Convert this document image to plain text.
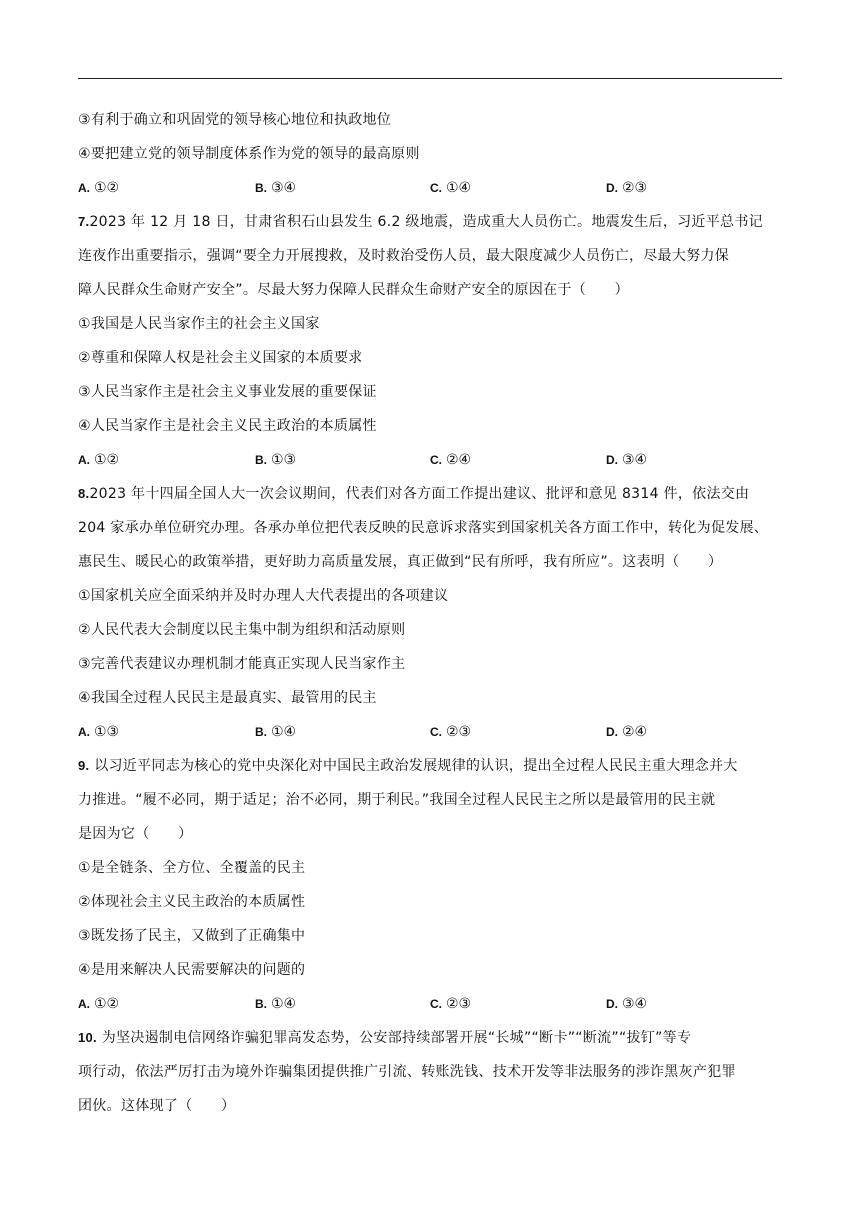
③有利于确立和巩固党的领导核心地位和执政地位
④要把建立党的领导制度体系作为党的领导的最高原则
A. ①②	B. ③④	C. ①④	D. ②③
7.2023 年 12 月 18 日，甘肃省积石山县发生 6.2 级地震，造成重大人员伤亡。地震发生后，习近平总书记
连夜作出重要指示，强调“要全力开展搜救，及时救治受伤人员，最大限度减少人员伤亡，尽最大努力保
障人民群众生命财产安全”。尽最大努力保障人民群众生命财产安全的原因在于（　　）
①我国是人民当家作主的社会主义国家
②尊重和保障人权是社会主义国家的本质要求
③人民当家作主是社会主义事业发展的重要保证
④人民当家作主是社会主义民主政治的本质属性
A. ①②	B. ①③	C. ②④	D. ③④
8.2023 年十四届全国人大一次会议期间，代表们对各方面工作提出建议、批评和意见 8314 件，依法交由
204 家承办单位研究办理。各承办单位把代表反映的民意诉求落实到国家机关各方面工作中，转化为促发展、
惠民生、暖民心的政策举措，更好助力高质量发展，真正做到“民有所呼，我有所应”。这表明（　　）
①国家机关应全面采纳并及时办理人大代表提出的各项建议
②人民代表大会制度以民主集中制为组织和活动原则
③完善代表建议办理机制才能真正实现人民当家作主
④我国全过程人民民主是最真实、最管用的民主
A. ①③	B. ①④	C. ②③	D. ②④
9. 以习近平同志为核心的党中央深化对中国民主政治发展规律的认识，提出全过程人民民主重大理念并大
力推进。“履不必同，期于适足；治不必同，期于利民。”我国全过程人民民主之所以是最管用的民主就
是因为它（　　）
①是全链条、全方位、全覆盖的民主
②体现社会主义民主政治的本质属性
③既发扬了民主，又做到了正确集中
④是用来解决人民需要解决的问题的
A. ①②	B. ①④	C. ②③	D. ③④
10. 为坚决遏制电信网络诈骗犯罪高发态势，公安部持续部署开展“长城”“断卡”“断流”“拔钉”等专
项行动，依法严厉打击为境外诈骗集团提供推广引流、转账洗钱、技术开发等非法服务的涉诈黑灰产犯罪
团伙。这体现了（　　）
